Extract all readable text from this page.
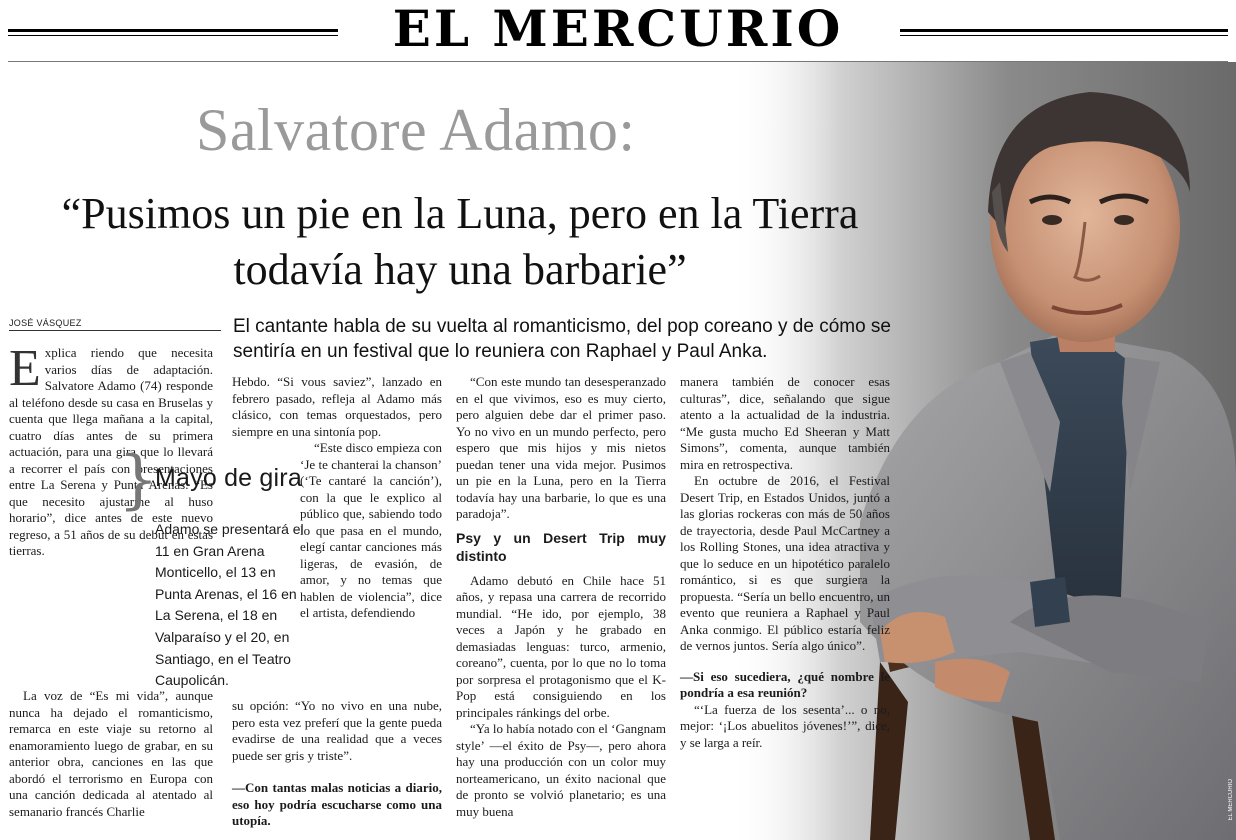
EL MERCURIO
EL MERCURIO
Salvatore Adamo:
“Pusimos un pie en la Luna, pero en la Tierra todavía hay una barbarie”
JOSÉ VÁSQUEZ	El cantante habla de su vuelta al romanticismo, del pop coreano y de cómo se sentiría en un festival que lo reuniera con Raphael y Paul Anka.

E xplica riendo que necesita varios días de adaptación. Salvatore Adamo (74) responde al teléfono desde su casa en Bruselas y cuenta que llega mañana a la capital, cuatro días antes de su primera actuación, para una gira que lo llevará a recorrer el país con presentaciones entre La Serena y Punta Arenas. “Es que necesito ajustarme al huso horario”, dice antes de este nuevo regreso, a 51 años de su debut en estas tierras.

La voz de “Es mi vida”, aunque nunca ha dejado el romanticismo, remarca en este viaje su retorno al enamoramiento luego de grabar, en su anterior obra, canciones en las que abordó el terrorismo en Europa con una canción dedicada al atentado al semanario francés Charlie

}
Mayo de gira
Adamo se presentará el 11 en Gran Arena Monticello, el 13 en Punta Arenas, el 16 en La Serena, el 18 en Valparaíso y el 20, en Santiago, en el Teatro Caupolicán.

Hebdo. “Si vous saviez”, lanzado en febrero pasado, refleja al Adamo más clásico, con temas orquestados, pero siempre en una sintonía pop.

“Este disco empieza con ‘Je te chanterai la chanson’ (‘Te cantaré la canción’), con la que le explico al público que, sabiendo todo lo que pasa en el mundo, elegí cantar canciones más ligeras, de evasión, de amor, y no temas que hablen de violencia”, dice el artista, defendiendo

su opción: “Yo no vivo en una nube, pero esta vez preferí que la gente pueda evadirse de una realidad que a veces puede ser gris y triste”.

—Con tantas malas noticias a diario, eso hoy podría escucharse como una utopía.

“Con este mundo tan desesperanzado en el que vivimos, eso es muy cierto, pero alguien debe dar el primer paso. Yo no vivo en un mundo perfecto, pero espero que mis hijos y mis nietos puedan tener una vida mejor. Pusimos un pie en la Luna, pero en la Tierra todavía hay una barbarie, lo que es una paradoja”.

Psy y un Desert Trip muy distinto

Adamo debutó en Chile hace 51 años, y repasa una carrera de recorrido mundial. “He ido, por ejemplo, 38 veces a Japón y he grabado en demasiadas lenguas: turco, armenio, coreano”, cuenta, por lo que no lo toma por sorpresa el protagonismo que el K-Pop está consiguiendo en los principales ránkings del orbe.

“Ya lo había notado con el ‘Gangnam style’ —el éxito de Psy—, pero ahora hay una producción con un color muy norteamericano, un éxito nacional que de pronto se volvió planetario; es una muy buena

manera también de conocer esas culturas”, dice, señalando que sigue atento a la actualidad de la industria. “Me gusta mucho Ed Sheeran y Matt Simons”, comenta, aunque también mira en retrospectiva.

En octubre de 2016, el Festival Desert Trip, en Estados Unidos, juntó a las glorias rockeras con más de 50 años de trayectoria, desde Paul McCartney a los Rolling Stones, una idea atractiva y que lo seduce en un hipotético paralelo romántico, si es que surgiera la propuesta. “Sería un bello encuentro, un evento que reuniera a Raphael y Paul Anka conmigo. El público estaría feliz de vernos juntos. Sería algo único”.

—Si eso sucediera, ¿qué nombre le pondría a esa reunión?

“‘La fuerza de los sesenta’... o no, mejor: ‘¡Los abuelitos jóvenes!’”, dice, y se larga a reír.
